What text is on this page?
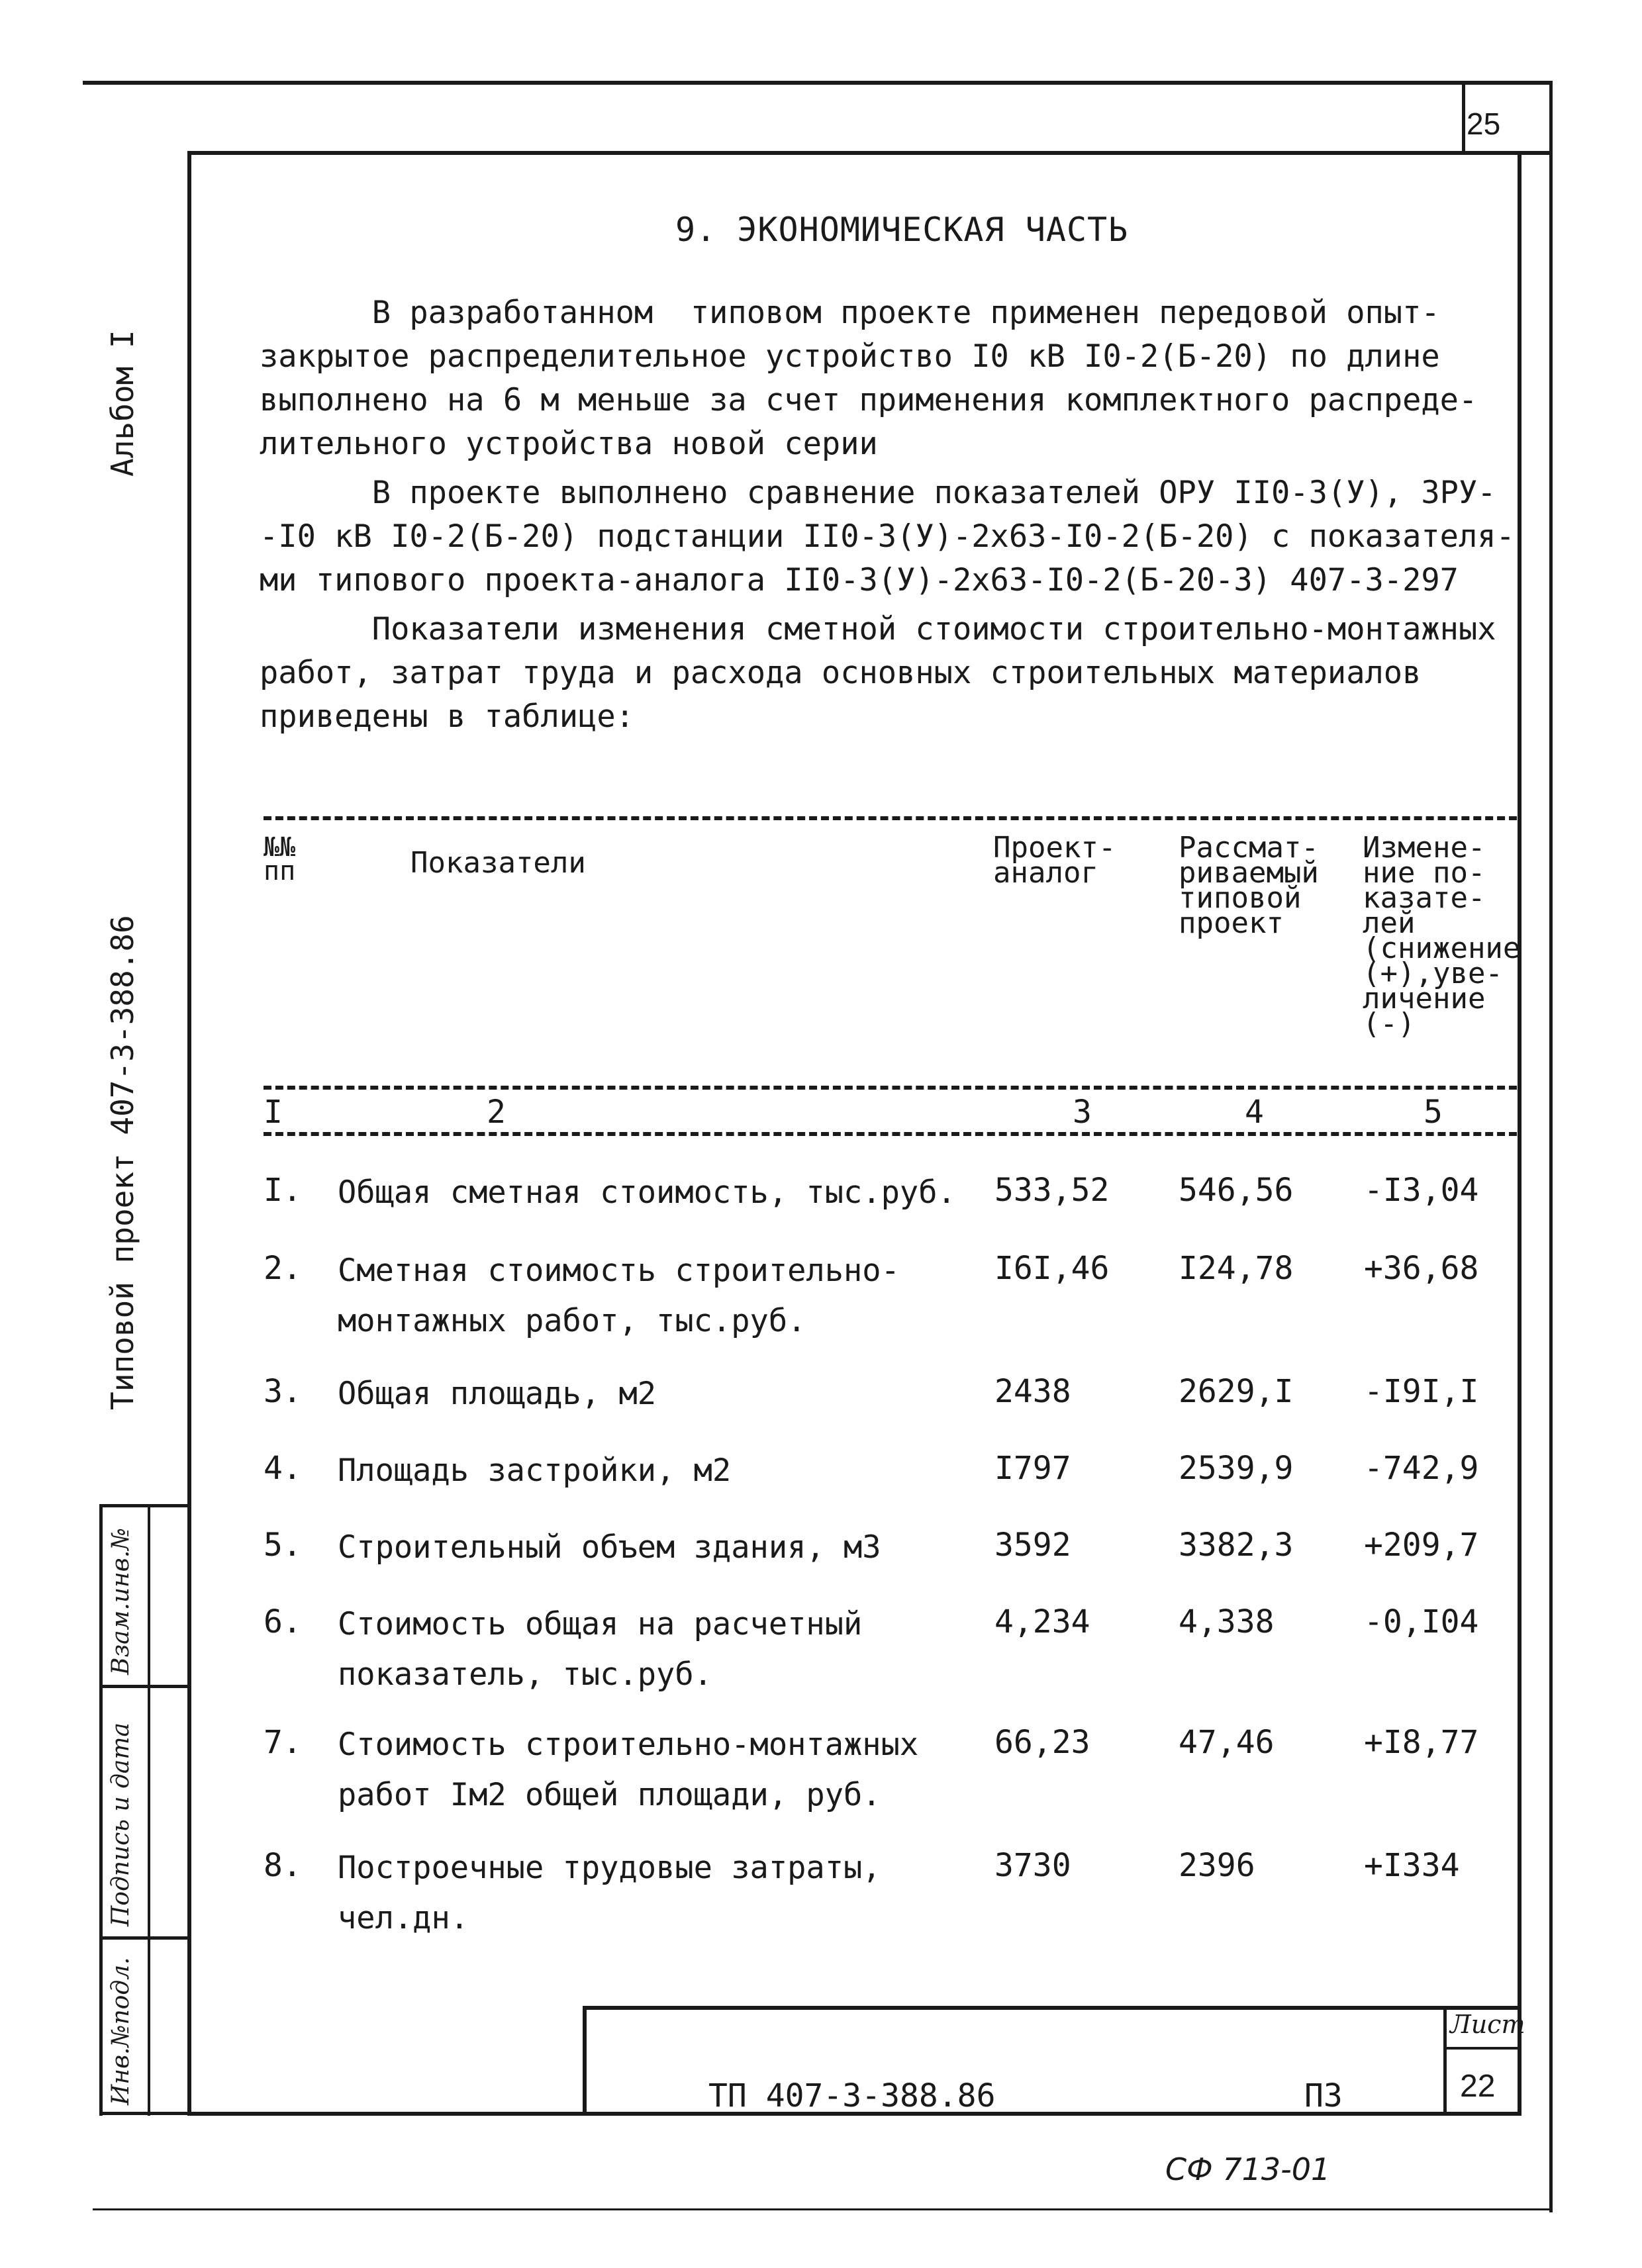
25
Взам.инв.№
Подпись и дата
Инв.№подл.
Альбом I
Типовой проект 407-3-388.86
9. ЭКОНОМИЧЕСКАЯ ЧАСТЬ

В разработанном  типовом проекте применен передовой опыт-

закрытое распределительное устройство I0 кВ I0-2(Б-20) по длине

выполнено на 6 м меньше за счет применения комплектного распреде-

лительного устройства новой серии

В проекте выполнено сравнение показателей ОРУ II0-3(У), ЗРУ-

-I0 кВ I0-2(Б-20) подстанции II0-3(У)-2х63-I0-2(Б-20) с показателя-

ми типового проекта-аналога II0-3(У)-2х63-I0-2(Б-20-3) 407-3-297

Показатели изменения сметной стоимости строительно-монтажных

работ, затрат труда и расхода основных строительных материалов

приведены в таблице:

№№
пп	Показатели	Проект-
аналог
Рассмат-
риваемый
типовой
проект
Измене-
ние по-
казате-
лей
(снижение
(+),уве-
личение
(-)
I	2	3	4	5
I. Общая сметная стоимость, тыс.руб.	533,52 546,56 -I3,04
2. Сметная стоимость строительно-
монтажных работ, тыс.руб.
I6I,46 I24,78 +36,68
3. Общая площадь, м2	2438	2629,I -I9I,I
4. Площадь застройки, м2	I797	2539,9 -742,9
5. Строительный объем здания, м3	3592	3382,3 +209,7
6. Стоимость общая на расчетный
показатель, тыс.руб.
4,234	4,338	-0,I04
7. Стоимость строительно-монтажных
работ Iм2 общей площади, руб.
66,23	47,46	+I8,77
8. Построечные трудовые затраты,
чел.дн.
3730	2396	+I334
ТП 407-3-388.86	ПЗ
Лист
22
СФ 713-01
